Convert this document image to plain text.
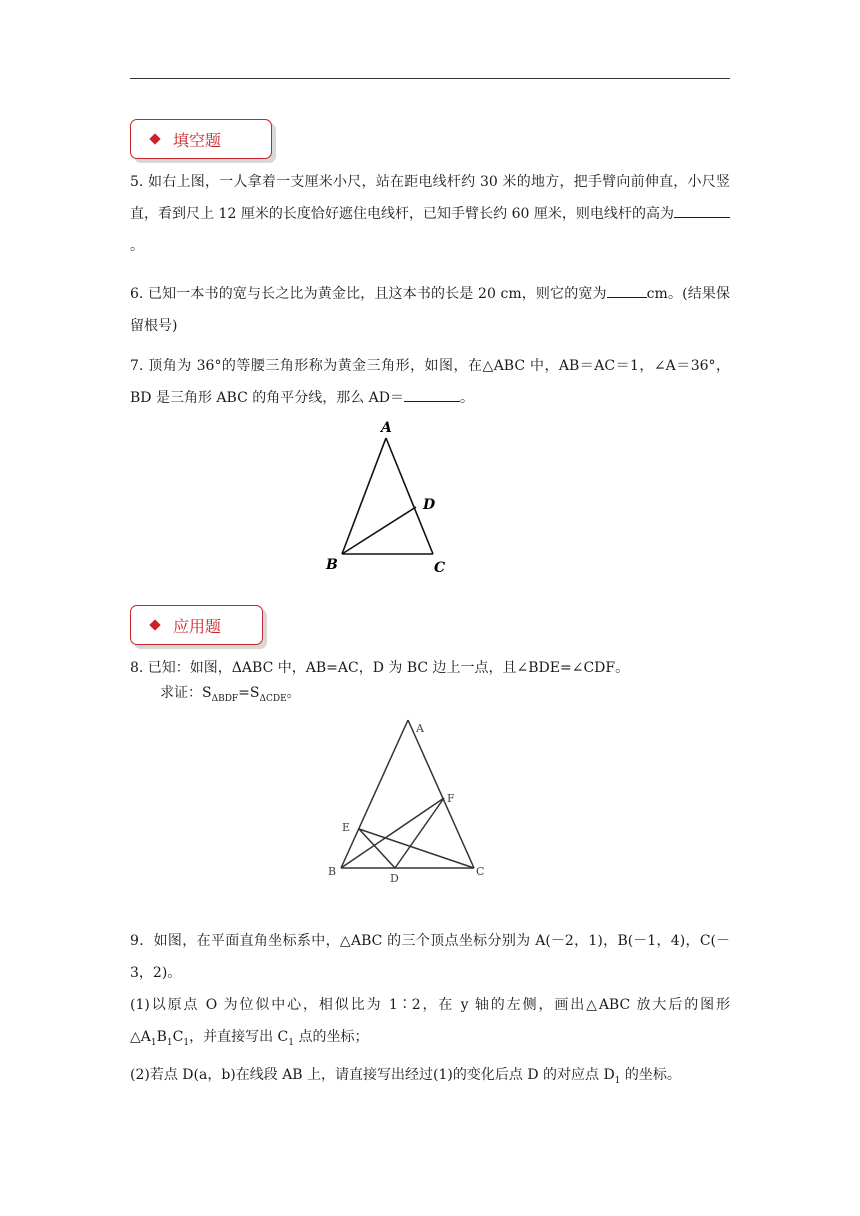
填空题
5. 如右上图，一人拿着一支厘米小尺，站在距电线杆约 30 米的地方，把手臂向前伸直，小尺竖直，看到尺上 12 厘米的长度恰好遮住电线杆，已知手臂长约 60 厘米，则电线杆的高为。
6. 已知一本书的宽与长之比为黄金比，且这本书的长是 20 cm，则它的宽为	cm。(结果保留根号)
7. 顶角为 36°的等腰三角形称为黄金三角形，如图，在△ABC 中，AB＝AC＝1，∠A＝36°，BD 是三角形 ABC 的角平分线，那么 AD＝	。
A
B	C
D
应用题
8. 已知：如图，ΔABC 中，AB=AC，D 为 BC 边上一点，且∠BDE=∠CDF。
求证：$S_{\Delta BDF}=S_{\Delta CDE}$。
A
B	C
D
E
F
9．如图，在平面直角坐标系中，△ABC 的三个顶点坐标分别为 A(－2，1)，B(－1，4)，C(－3，2)。
(1)以原点 O 为位似中心，相似比为 1∶2，在 y 轴的左侧，画出△ABC 放大后的图形$\triangle A_1B_1C_1$，并直接写出 $C_1$ 点的坐标；
(2)若点 D(a，b)在线段 AB 上，请直接写出经过(1)的变化后点 D 的对应点 $D_1$ 的坐标。
